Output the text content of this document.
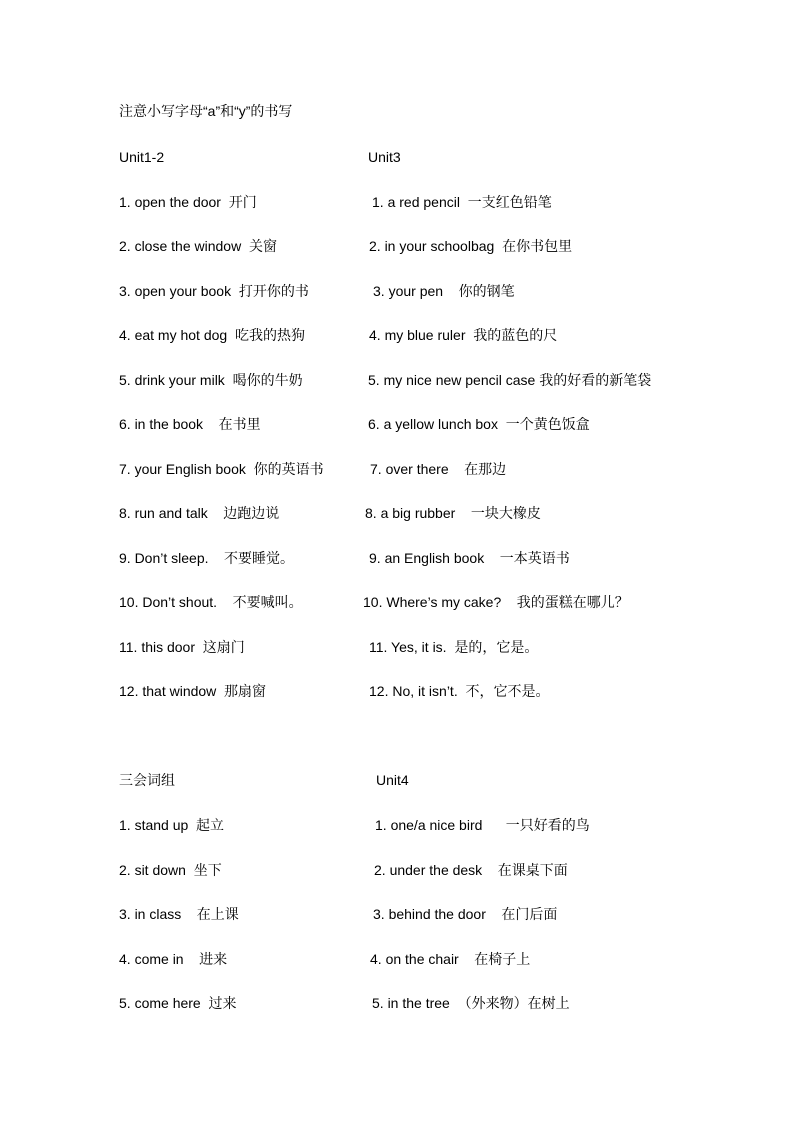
注意小写字母“a”和“y”的书写
Unit1-2	Unit3
1. open the door  开门
2. close the window  关窗
3. open your book  打开你的书
4. eat my hot dog  吃我的热狗
5. drink your milk  喝你的牛奶
6. in the book    在书里
7. your English book  你的英语书
8. run and talk    边跑边说
9. Don’t sleep.    不要睡觉。
10. Don’t shout.    不要喊叫。
11. this door  这扇门
12. that window  那扇窗
1. a red pencil  一支红色铅笔
2. in your schoolbag  在你书包里
3. your pen    你的钢笔
4. my blue ruler  我的蓝色的尺
5. my nice new pencil case 我的好看的新笔袋
6. a yellow lunch box  一个黄色饭盒
7. over there    在那边
8. a big rubber    一块大橡皮
9. an English book    一本英语书
10. Where’s my cake?    我的蛋糕在哪儿？
11. Yes, it is.  是的，它是。
12. No, it isn’t.  不，它不是。
三会词组	Unit4
1. stand up  起立
2. sit down  坐下
3. in class    在上课
4. come in    进来
5. come here  过来
1. one/a nice bird      一只好看的鸟
2. under the desk    在课桌下面
3. behind the door    在门后面
4. on the chair    在椅子上
5. in the tree  （外来物）在树上
